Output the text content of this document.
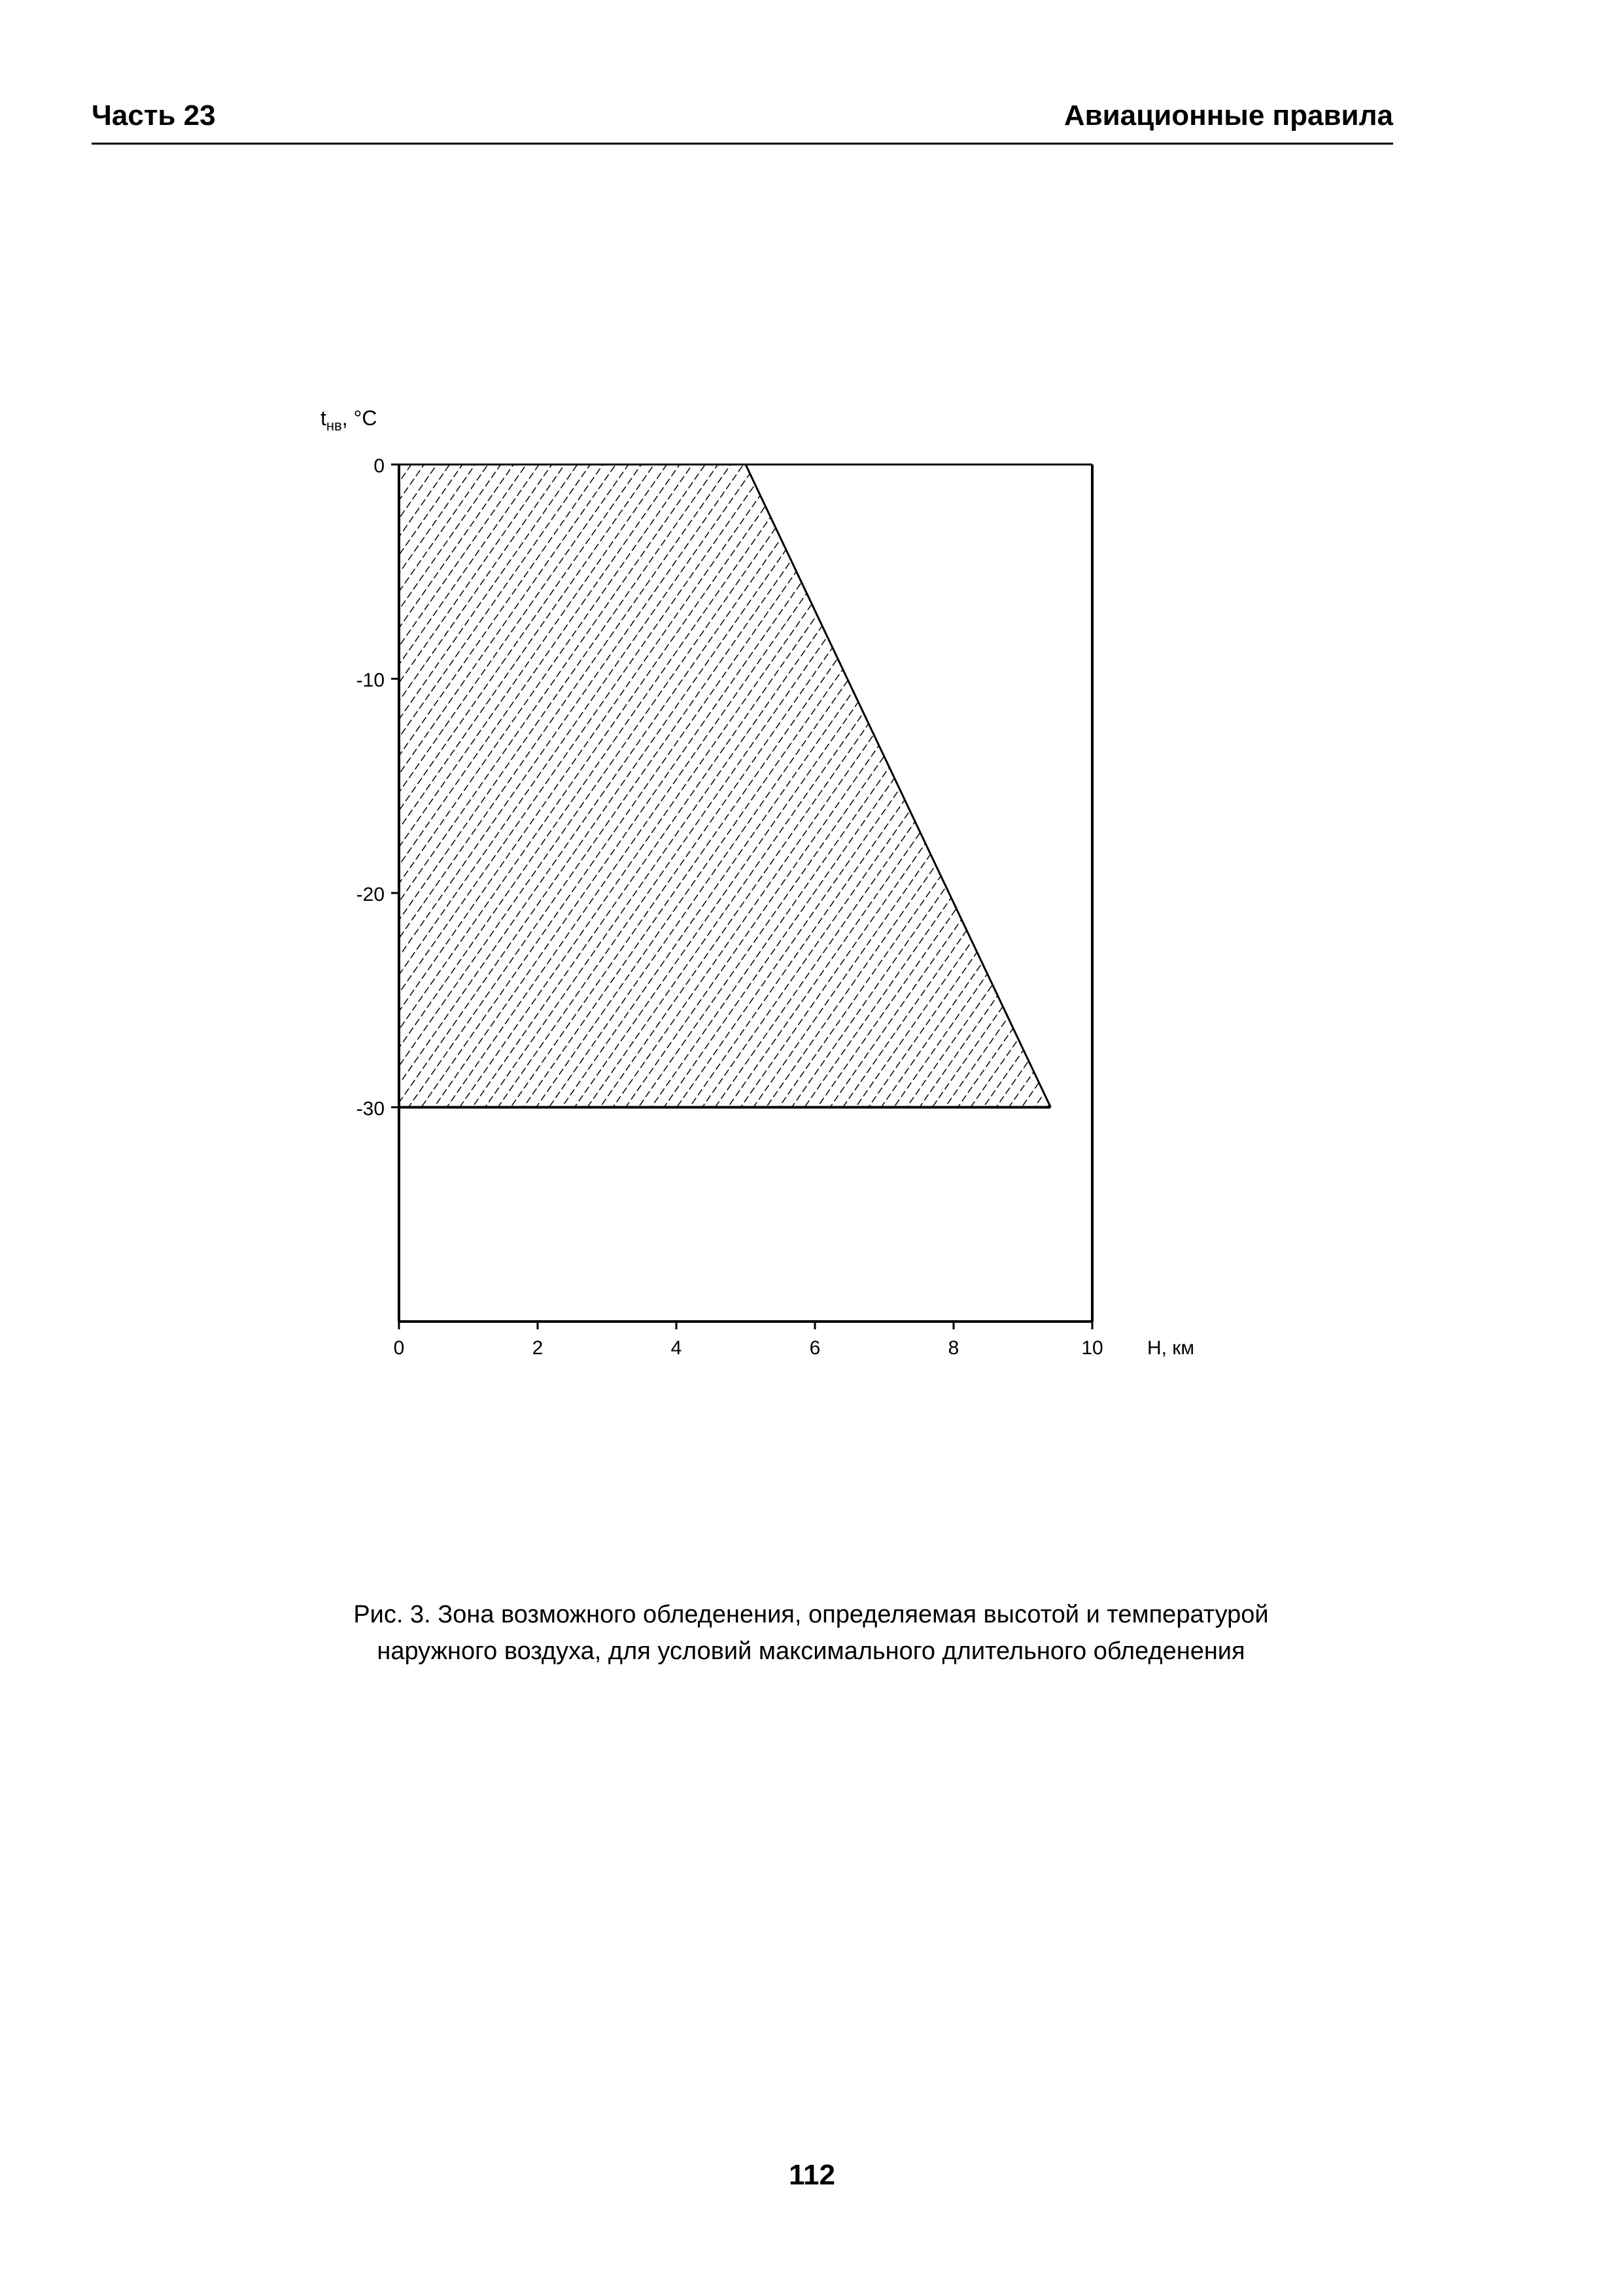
Часть 23	Авиационные правила
0
-10
-20
-30
0	2	4	6	8	10 H, км
$t_{нв}$, °C
Рис. 3. Зона возможного обледенения, определяемая высотой и температурой
наружного воздуха, для условий максимального длительного обледенения
112
